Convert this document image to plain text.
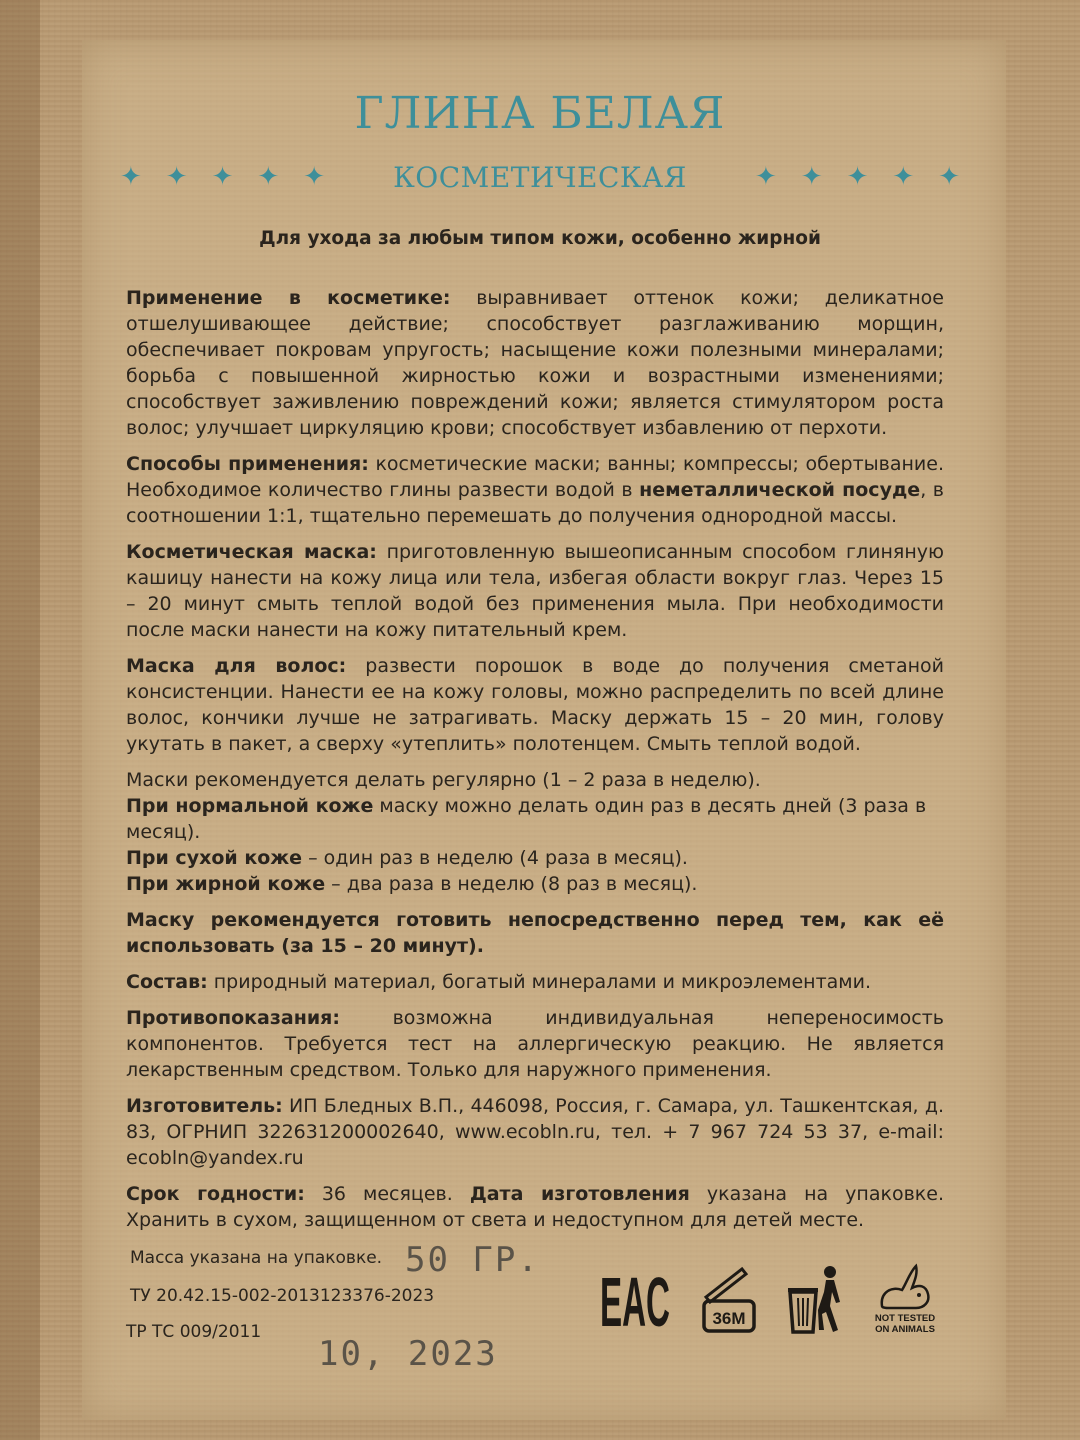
ГЛИНА БЕЛАЯ
✦ ✦ ✦ ✦ ✦ КОСМЕТИЧЕСКАЯ	✦ ✦ ✦ ✦ ✦
Для ухода за любым типом кожи, особенно жирной

Применение в косметике: выравнивает оттенок кожи; деликатное отшелушивающее действие; способствует разглаживанию морщин, обеспечивает покровам упругость; насыщение кожи полезными минералами; борьба с повышенной жирностью кожи и возрастными изменениями; способствует заживлению повреждений кожи; является стимулятором роста волос; улучшает циркуляцию крови; способствует избавлению от перхоти.

Способы применения: косметические маски; ванны; компрессы; обертывание. Необходимое количество глины развести водой в неметаллической посуде, в соотношении 1:1, тщательно перемешать до получения однородной массы.

Косметическая маска: приготовленную вышеописанным способом глиняную кашицу нанести на кожу лица или тела, избегая области вокруг глаз. Через 15 – 20 минут смыть теплой водой без применения мыла. При необходимости после маски нанести на кожу питательный крем.

Маска для волос: развести порошок в воде до получения сметаной консистенции. Нанести ее на кожу головы, можно распределить по всей длине волос, кончики лучше не затрагивать. Маску держать 15 – 20 мин, голову укутать в пакет, а сверху «утеплить» полотенцем. Смыть теплой водой.

Маски рекомендуется делать регулярно (1 – 2 раза в неделю).
При нормальной коже маску можно делать один раз в десять дней (3 раза в месяц).
При сухой коже – один раз в неделю (4 раза в месяц).
При жирной коже – два раза в неделю (8 раз в месяц).

Маску рекомендуется готовить непосредственно перед тем, как её использовать (за 15 – 20 минут).

Состав: природный материал, богатый минералами и микроэлементами.

Противопоказания: возможна индивидуальная непереносимость компонентов. Требуется тест на аллергическую реакцию. Не является лекарственным средством. Только для наружного применения.

Изготовитель: ИП Бледных В.П., 446098, Россия, г. Самара, ул. Ташкентская, д. 83, ОГРНИП 322631200002640, www.ecobln.ru, тел. + 7 967 724 53 37, e-mail: ecobln@yandex.ru

Срок годности: 36 месяцев. Дата изготовления указана на упаковке. Хранить в сухом, защищенном от света и недоступном для детей месте.

Масса указана на упаковке.
ТУ 20.42.15-002-2013123376-2023
ТР ТС 009/2011
50 ГР.
10, 2023
EAC 36M	NOT TESTED
ON ANIMALS
